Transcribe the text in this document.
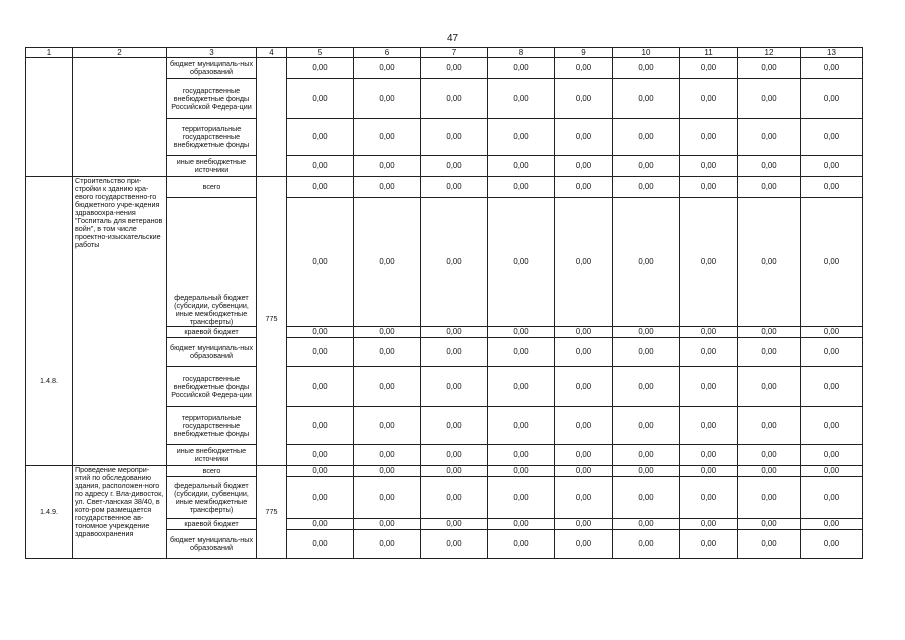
47
1	2	3	4	5	6	7	8	9	10	11	12	13
		бюджет муниципаль-ных образований		0,00	0,00	0,00	0,00	0,00	0,00	0,00	0,00	0,00
		государственные внебюджетные фонды Российской Федера-ции		0,00	0,00	0,00	0,00	0,00	0,00	0,00	0,00	0,00
		территориальные государственные внебюджетные фонды		0,00	0,00	0,00	0,00	0,00	0,00	0,00	0,00	0,00
		иные внебюджетные источники		0,00	0,00	0,00	0,00	0,00	0,00	0,00	0,00	0,00
1.4.8.	Строительство при-стройки к зданию кра-евого государственно-го бюджетного учре-ждения здравоохра-нения "Госпиталь для ветеранов войн", в том числе проектно-изыскательские работы	всего	775	0,00	0,00	0,00	0,00	0,00	0,00	0,00	0,00	0,00
		федеральный бюджет (субсидии, субвенции, иные межбюджетные трансферты)		0,00	0,00	0,00	0,00	0,00	0,00	0,00	0,00	0,00
		краевой бюджет		0,00	0,00	0,00	0,00	0,00	0,00	0,00	0,00	0,00
		бюджет муниципаль-ных образований		0,00	0,00	0,00	0,00	0,00	0,00	0,00	0,00	0,00
		государственные внебюджетные фонды Российской Федера-ции		0,00	0,00	0,00	0,00	0,00	0,00	0,00	0,00	0,00
		территориальные государственные внебюджетные фонды		0,00	0,00	0,00	0,00	0,00	0,00	0,00	0,00	0,00
		иные внебюджетные источники		0,00	0,00	0,00	0,00	0,00	0,00	0,00	0,00	0,00
1.4.9.	Проведение меропри-ятий по обследованию здания, расположен-ного по адресу г. Вла-дивосток, ул. Свет-ланская 38/40, в кото-ром размещается государственное ав-тономное учреждение здравоохранения	всего	775	0,00	0,00	0,00	0,00	0,00	0,00	0,00	0,00	0,00
		федеральный бюджет (субсидии, субвенции, иные межбюджетные трансферты)		0,00	0,00	0,00	0,00	0,00	0,00	0,00	0,00	0,00
		краевой бюджет		0,00	0,00	0,00	0,00	0,00	0,00	0,00	0,00	0,00
		бюджет муниципаль-ных образований		0,00	0,00	0,00	0,00	0,00	0,00	0,00	0,00	0,00
